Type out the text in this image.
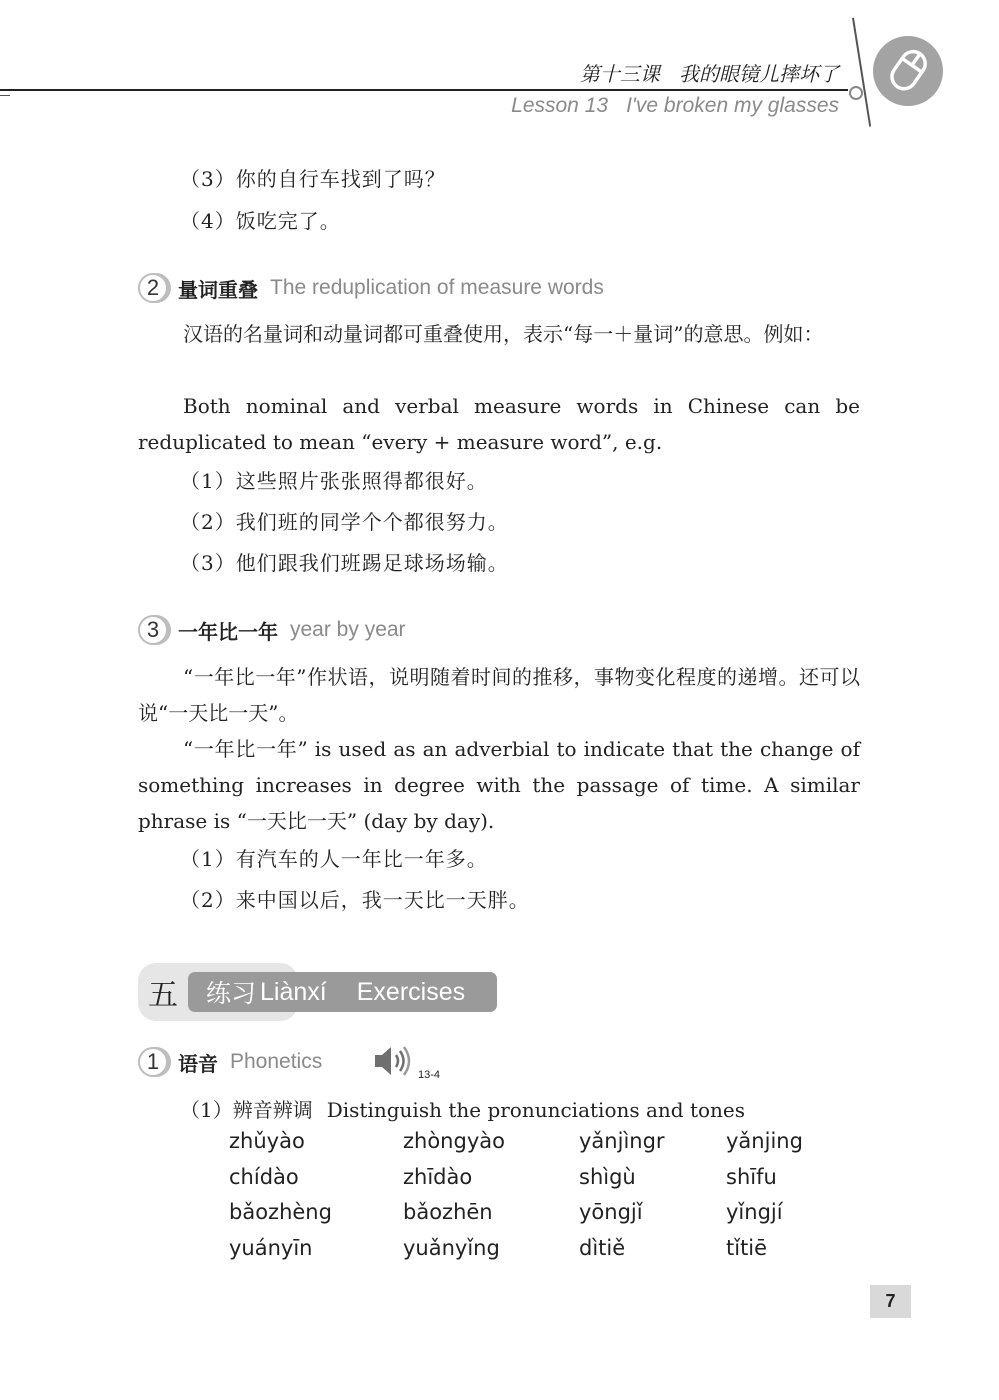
第十三课 我的眼镜儿摔坏了
Lesson 13 I've broken my glasses
（3）你的自行车找到了吗？
（4）饭吃完了。
2 量词重叠 The reduplication of measure words
汉语的名量词和动量词都可重叠使用，表示“每一＋量词”的意思。例如：
Both nominal and verbal measure words in Chinese can be reduplicated to mean “every + measure word”, e.g.
（1）这些照片张张照得都很好。
（2）我们班的同学个个都很努力。
（3）他们跟我们班踢足球场场输。
3 一年比一年 year by year
“一年比一年”作状语，说明随着时间的推移，事物变化程度的递增。还可以说“一天比一天”。
“一年比一年” is used as an adverbial to indicate that the change of something increases in degree with the passage of time. A similar phrase is “一天比一天” (day by day).
（1）有汽车的人一年比一年多。
（2）来中国以后，我一天比一天胖。
五 练习 Liànxí Exercises
1 语音 Phonetics
13-4
（1）辨音辨调 Distinguish the pronunciations and tones
zhǔyào	zhòngyào	yǎnjìngr	yǎnjing
chídào	zhīdào	shìgù	shīfu
bǎozhèng	bǎozhēn	yōngjǐ	yǐngjí
yuányīn	yuǎnyǐng	dìtiě	tǐtiē
7
